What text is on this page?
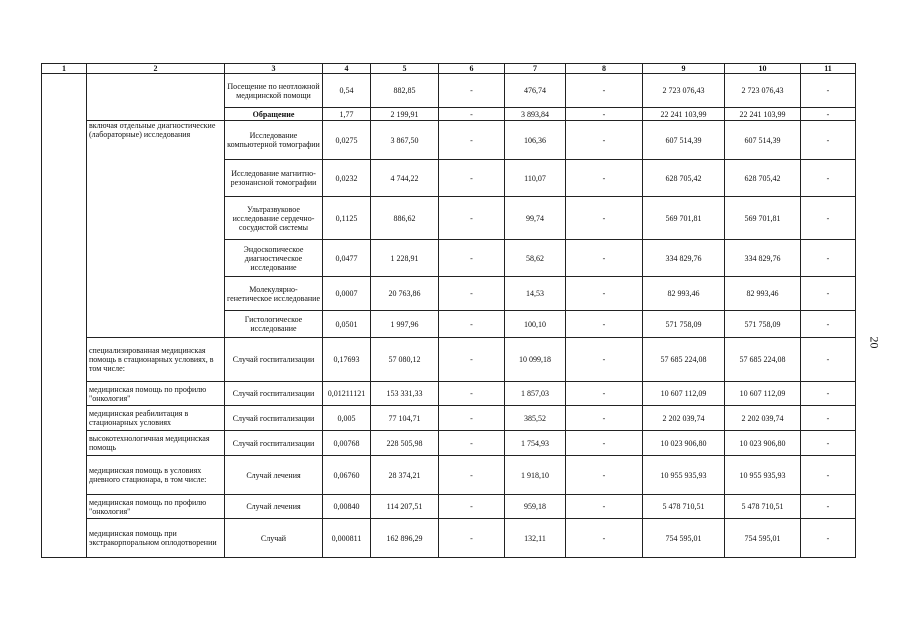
1	2	3	4	5	6	7	8	9	10	11
		Посещение по неотложной медицинской помощи	0,54	882,85	-	476,74	-	2 723 076,43	2 723 076,43	-
		Обращение	1,77	2 199,91	-	3 893,84	-	22 241 103,99	22 241 103,99	-
	включая отдельные диагностические (лабораторные) исследования	Исследование компьютерной томографии	0,0275	3 867,50	-	106,36	-	607 514,39	607 514,39	-
		Исследование магнитно-резонансной томографии	0,0232	4 744,22	-	110,07	-	628 705,42	628 705,42	-
		Ультразвуковое исследование сердечно-сосудистой системы	0,1125	886,62	-	99,74	-	569 701,81	569 701,81	-
		Эндоскопическое диагностическое исследование	0,0477	1 228,91	-	58,62	-	334 829,76	334 829,76	-
		Молекулярно-генетическое исследование	0,0007	20 763,86	-	14,53	-	82 993,46	82 993,46	-
		Гистологическое исследование	0,0501	1 997,96	-	100,10	-	571 758,09	571 758,09	-
	специализированная медицинская помощь в стационарных условиях, в том числе:	Случай госпитализации	0,17693	57 080,12	-	10 099,18	-	57 685 224,08	57 685 224,08	-
	медицинская помощь по профилю "онкология"	Случай госпитализации	0,01211121	153 331,33	-	1 857,03	-	10 607 112,09	10 607 112,09	-
	медицинская реабилитация в стационарных условиях	Случай госпитализации	0,005	77 104,71	-	385,52	-	2 202 039,74	2 202 039,74	-
	высокотехнологичная медицинская помощь	Случай госпитализации	0,00768	228 505,98	-	1 754,93	-	10 023 906,80	10 023 906,80	-
	медицинская помощь в условиях дневного стационара, в том числе:	Случай лечения	0,06760	28 374,21	-	1 918,10	-	10 955 935,93	10 955 935,93	-
	медицинская помощь по профилю "онкология"	Случай лечения	0,00840	114 207,51	-	959,18	-	5 478 710,51	5 478 710,51	-
	медицинская помощь при экстракорпоральном оплодотворении	Случай	0,000811	162 896,29	-	132,11	-	754 595,01	754 595,01	-
20
